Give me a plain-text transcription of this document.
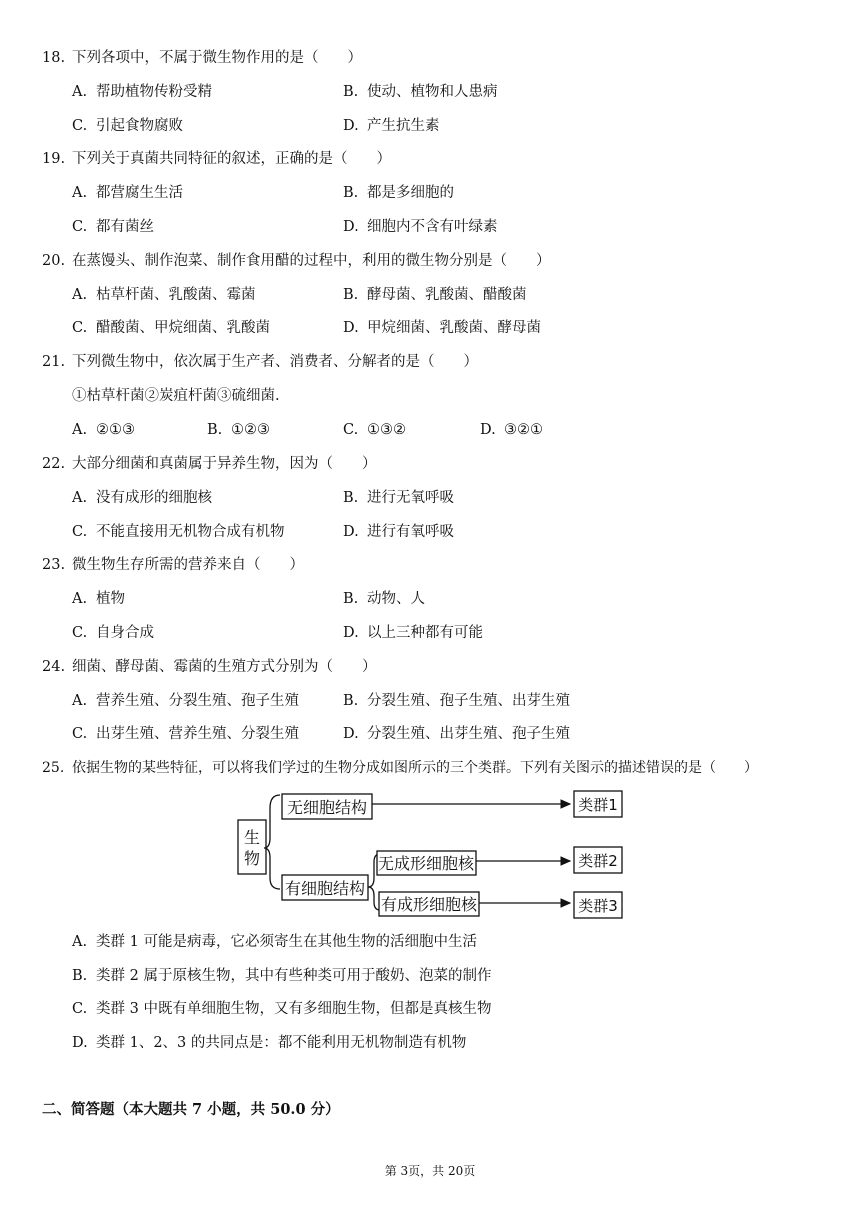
18. 下列各项中，不属于微生物作用的是（　　）
A. 帮助植物传粉受精	B. 使动、植物和人患病
C. 引起食物腐败	D. 产生抗生素
19. 下列关于真菌共同特征的叙述，正确的是（　　）
A. 都营腐生生活	B. 都是多细胞的
C. 都有菌丝	D. 细胞内不含有叶绿素
20. 在蒸馒头、制作泡菜、制作食用醋的过程中，利用的微生物分别是（　　）
A. 枯草杆菌、乳酸菌、霉菌	B. 酵母菌、乳酸菌、醋酸菌
C. 醋酸菌、甲烷细菌、乳酸菌	D. 甲烷细菌、乳酸菌、酵母菌
21. 下列微生物中，依次属于生产者、消费者、分解者的是（　　）
①枯草杆菌②炭疽杆菌③硫细菌.
A. ②①③	B. ①②③	C. ①③②	D. ③②①
22. 大部分细菌和真菌属于异养生物，因为（　　）
A. 没有成形的细胞核	B. 进行无氧呼吸
C. 不能直接用无机物合成有机物	D. 进行有氧呼吸
23. 微生物生存所需的营养来自（　　）
A. 植物	B. 动物、人
C. 自身合成	D. 以上三种都有可能
24. 细菌、酵母菌、霉菌的生殖方式分别为（　　）
A. 营养生殖、分裂生殖、孢子生殖	B. 分裂生殖、孢子生殖、出芽生殖
C. 出芽生殖、营养生殖、分裂生殖	D. 分裂生殖、出芽生殖、孢子生殖
25. 依据生物的某些特征，可以将我们学过的生物分成如图所示的三个类群。下列有关图示的描述错误的是（　　）
生
物
无细胞结构
有细胞结构
无成形细胞核
有成形细胞核
类群1
类群2
类群3
A. 类群 1 可能是病毒，它必须寄生在其他生物的活细胞中生活
B. 类群 2 属于原核生物，其中有些种类可用于酸奶、泡菜的制作
C. 类群 3 中既有单细胞生物，又有多细胞生物，但都是真核生物
D. 类群 1、2、3 的共同点是：都不能利用无机物制造有机物
二、简答题（本大题共 7 小题，共 50.0 分）
第 3页，共 20页
